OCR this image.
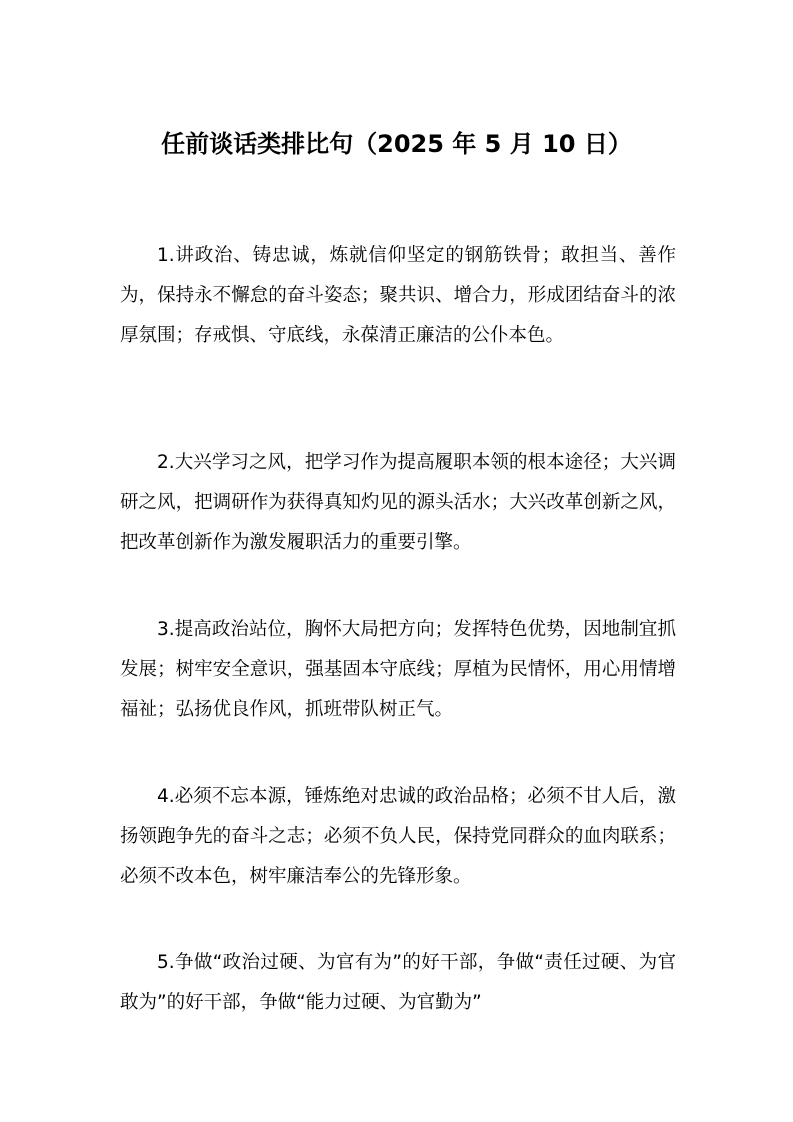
任前谈话类排比句（2025 年 5 月 10 日）

1.讲政治、铸忠诚，炼就信仰坚定的钢筋铁骨；敢担当、善作为，保持永不懈怠的奋斗姿态；聚共识、增合力，形成团结奋斗的浓厚氛围；存戒惧、守底线，永葆清正廉洁的公仆本色。

2.大兴学习之风，把学习作为提高履职本领的根本途径；大兴调研之风，把调研作为获得真知灼见的源头活水；大兴改革创新之风，把改革创新作为激发履职活力的重要引擎。

3.提高政治站位，胸怀大局把方向；发挥特色优势，因地制宜抓发展；树牢安全意识，强基固本守底线；厚植为民情怀，用心用情增福祉；弘扬优良作风，抓班带队树正气。

4.必须不忘本源，锤炼绝对忠诚的政治品格；必须不甘人后，激扬领跑争先的奋斗之志；必须不负人民，保持党同群众的血肉联系；必须不改本色，树牢廉洁奉公的先锋形象。

5.争做“政治过硬、为官有为”的好干部，争做“责任过硬、为官敢为”的好干部，争做“能力过硬、为官勤为”
